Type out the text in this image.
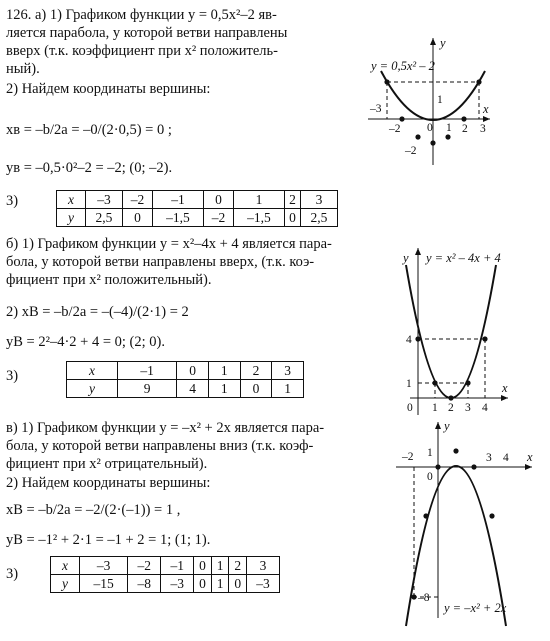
126. а) 1) Графиком функции y = 0,5x²–2 яв-
ляется парабола, у которой ветви направлены
вверх (т.к. коэффициент при x² положитель-
ный).
2) Найдем координаты вершины:
xв = –b/2a = –0/(2·0,5) = 0 ;
yв = –0,5·0²–2 = –2; (0; –2).
3)	x	–3	–2	–1	0	1	2	3
y	2,5	0	–1,5	–2	–1,5	0	2,5
б) 1) Графиком функции y = x²–4x + 4 является пара-
бола, у которой ветви направлены вверх, (т.к. коэ-
фициент при x² положительный).
2) xВ = –b/2a = –(–4)/(2·1) = 2
yВ = 2²–4·2 + 4 = 0; (2; 0).
3)	x	–1	0	1	2	3
y	9	4	1	0	1
в) 1) Графиком функции y = –x² + 2x является пара-
бола, у которой ветви направлены вниз (т.к. коэф-
фициент при x² отрицательный).
2) Найдем координаты вершины:
xВ = –b/2a = –2/(2·(–1)) = 1 ,
yВ = –1² + 2·1 = –1 + 2 = 1; (1; 1).
3)
x	–3	–2	–1	0	1	2	3
y	–15	–8	–3	0	1	0	–3
y
y = 0,5x² – 2
x
–3
1
–2 0 1 2 3
–2
y y = x² – 4x + 4
x
4
1
0 1 2 3 4
y
1
–2
0
3 4 x
–8
y = –x² + 2x
